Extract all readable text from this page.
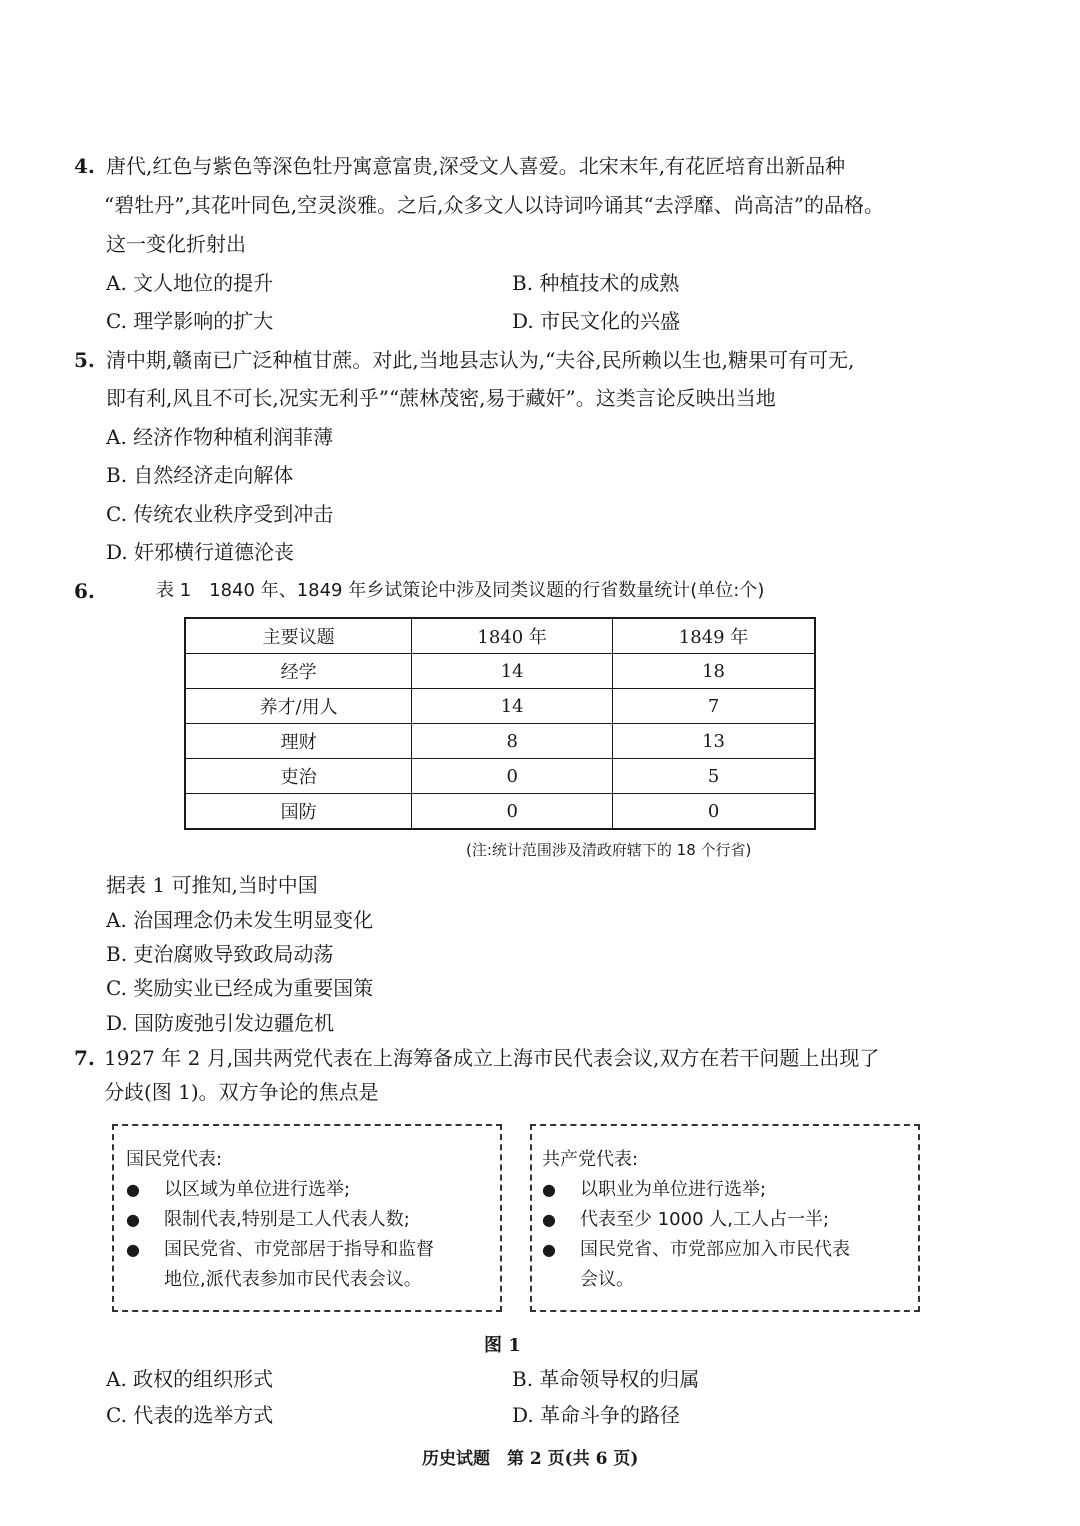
4. 唐代,红色与紫色等深色牡丹寓意富贵,深受文人喜爱。北宋末年,有花匠培育出新品种
“碧牡丹”,其花叶同色,空灵淡雅。之后,众多文人以诗词吟诵其“去浮靡、尚高洁”的品格。
这一变化折射出
A. 文人地位的提升	B. 种植技术的成熟
C. 理学影响的扩大	D. 市民文化的兴盛
5. 清中期,赣南已广泛种植甘蔗。对此,当地县志认为,“夫谷,民所赖以生也,糖果可有可无,
即有利,风且不可长,况实无利乎”“蔗林茂密,易于藏奸”。这类言论反映出当地
A. 经济作物种植利润菲薄
B. 自然经济走向解体
C. 传统农业秩序受到冲击
D. 奸邪横行道德沦丧
6.	表 1　1840 年、1849 年乡试策论中涉及同类议题的行省数量统计(单位:个)
主要议题	1840 年	1849 年
经学	14	18
养才/用人	14	7
理财	8	13
吏治	0	5
国防	0	0
(注:统计范围涉及清政府辖下的 18 个行省)
据表 1 可推知,当时中国
A. 治国理念仍未发生明显变化
B. 吏治腐败导致政局动荡
C. 奖励实业已经成为重要国策
D. 国防废弛引发边疆危机
7. 1927 年 2 月,国共两党代表在上海筹备成立上海市民代表会议,双方在若干问题上出现了
分歧(图 1)。双方争论的焦点是
国民党代表:
● 以区域为单位进行选举;
● 限制代表,特别是工人代表人数;
● 国民党省、市党部居于指导和监督
地位,派代表参加市民代表会议。
共产党代表:
● 以职业为单位进行选举;
● 代表至少 1000 人,工人占一半;
● 国民党省、市党部应加入市民代表
会议。
图 1
A. 政权的组织形式	B. 革命领导权的归属
C. 代表的选举方式	D. 革命斗争的路径
历史试题　第 2 页(共 6 页)
